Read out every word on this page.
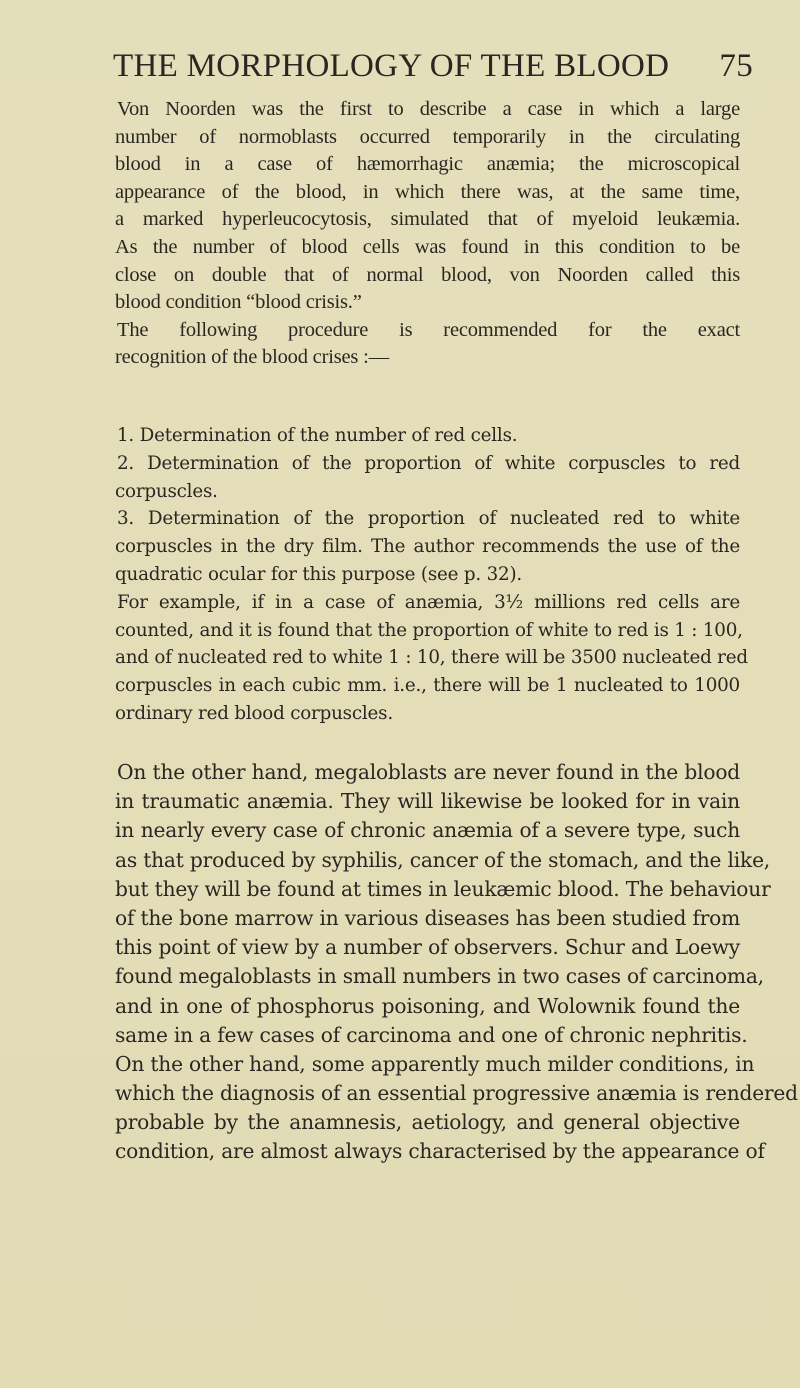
THE MORPHOLOGY OF THE BLOOD 75
Von Noorden was the first to describe a case in which a large
number of normoblasts occurred temporarily in the circulating
blood in a case of hæmorrhagic anæmia; the microscopical
appearance of the blood, in which there was, at the same time,
a marked hyperleucocytosis, simulated that of myeloid leukæmia.
As the number of blood cells was found in this condition to be
close on double that of normal blood, von Noorden called this
blood condition “blood crisis.”
The following procedure is recommended for the exact
recognition of the blood crises :—
1. Determination of the number of red cells.
2. Determination of the proportion of white corpuscles to red
corpuscles.
3. Determination of the proportion of nucleated red to white
corpuscles in the dry film. The author recommends the use of the
quadratic ocular for this purpose (see p. 32).
For example, if in a case of anæmia, 3½ millions red cells are
counted, and it is found that the proportion of white to red is 1 : 100,
and of nucleated red to white 1 : 10, there will be 3500 nucleated red
corpuscles in each cubic mm. i.e., there will be 1 nucleated to 1000
ordinary red blood corpuscles.
On the other hand, megaloblasts are never found in the blood
in traumatic anæmia. They will likewise be looked for in vain
in nearly every case of chronic anæmia of a severe type, such
as that produced by syphilis, cancer of the stomach, and the like,
but they will be found at times in leukæmic blood. The behaviour
of the bone marrow in various diseases has been studied from
this point of view by a number of observers. Schur and Loewy
found megaloblasts in small numbers in two cases of carcinoma,
and in one of phosphorus poisoning, and Wolownik found the
same in a few cases of carcinoma and one of chronic nephritis.
On the other hand, some apparently much milder conditions, in
which the diagnosis of an essential progressive anæmia is rendered
probable by the anamnesis, aetiology, and general objective
condition, are almost always characterised by the appearance of
